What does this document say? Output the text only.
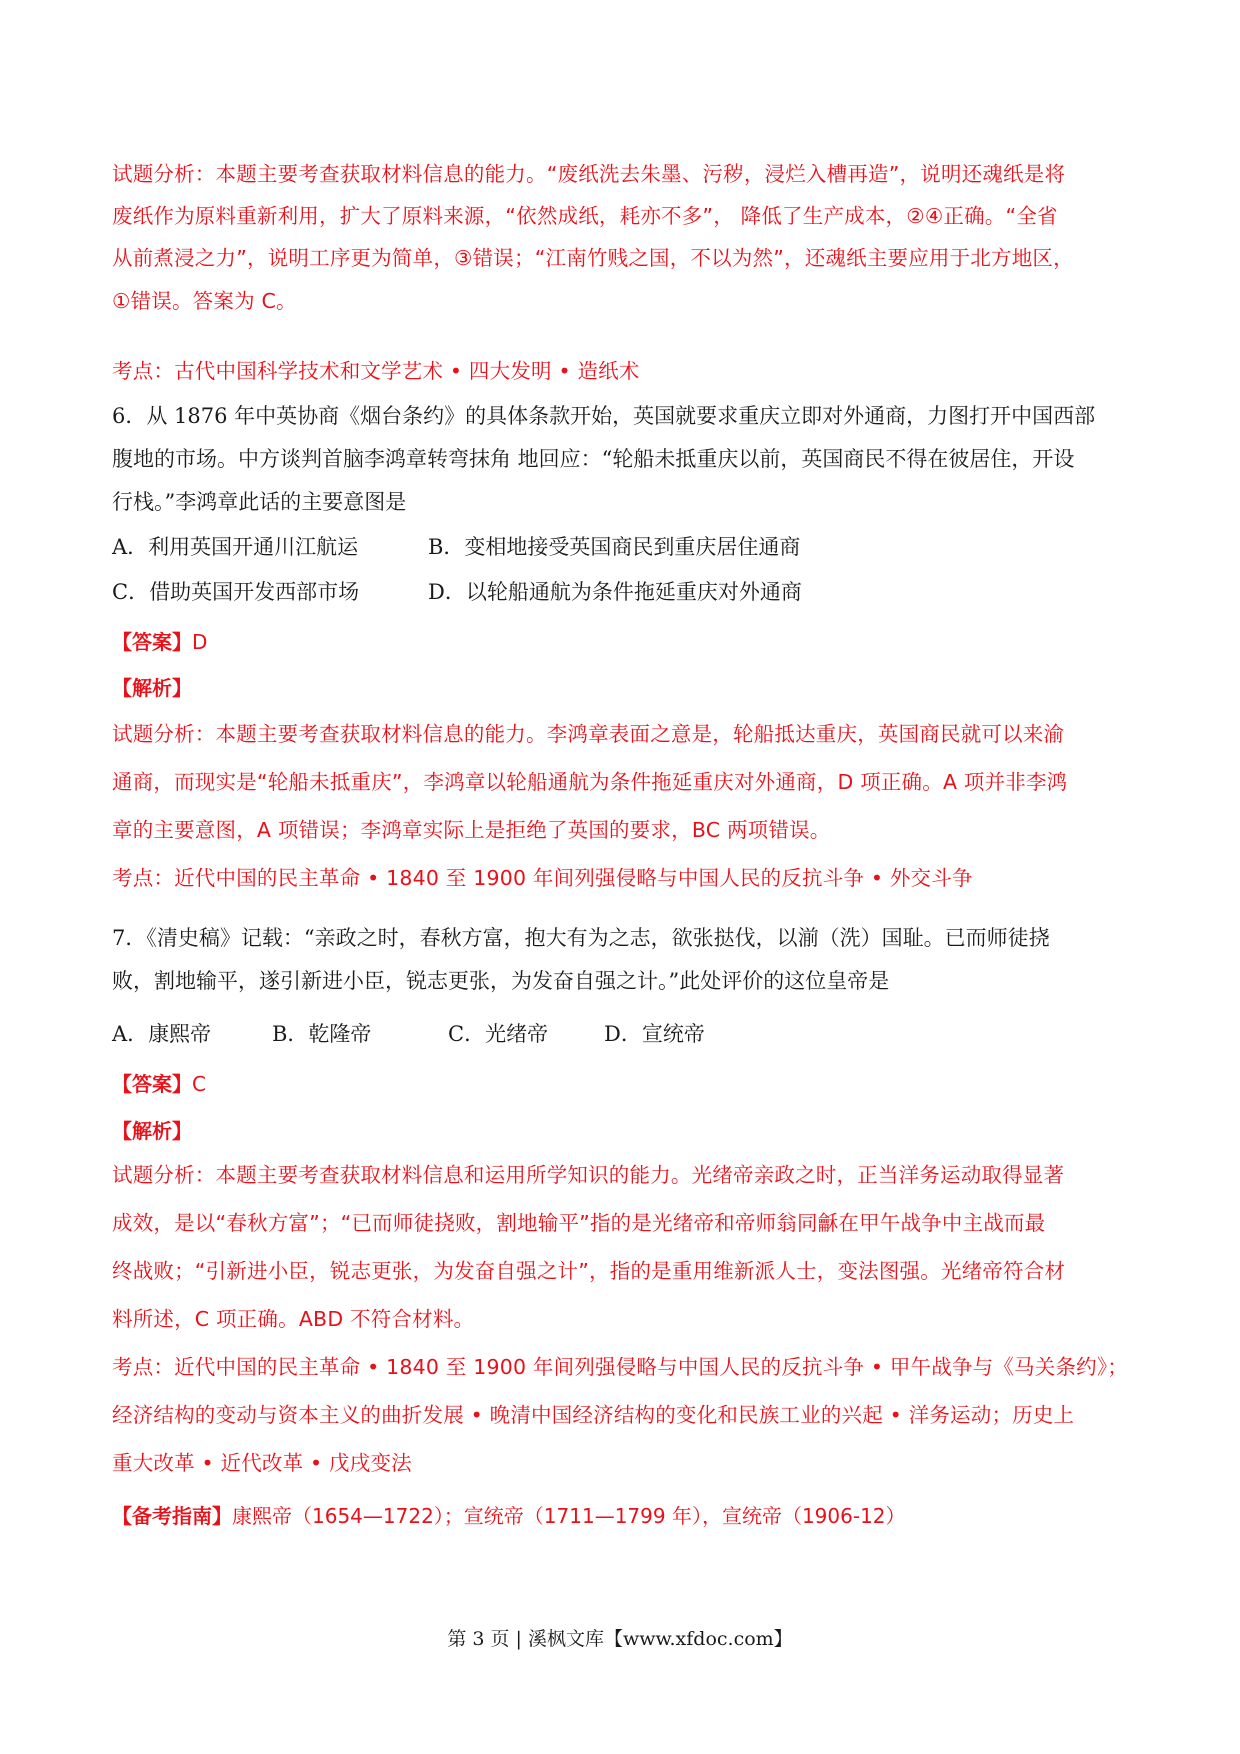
试题分析：本题主要考查获取材料信息的能力。“废纸洗去朱墨、污秽，浸烂入槽再造”，说明还魂纸是将

废纸作为原料重新利用，扩大了原料来源，“依然成纸，耗亦不多”， 降低了生产成本，②④正确。“全省

从前煮浸之力”，说明工序更为简单，③错误；“江南竹贱之国，不以为然”，还魂纸主要应用于北方地区，

①错误。答案为 C。

考点：古代中国科学技术和文学艺术 • 四大发明 • 造纸术

6．从 1876 年中英协商《烟台条约》的具体条款开始，英国就要求重庆立即对外通商，力图打开中国西部

腹地的市场。中方谈判首脑李鸿章转弯抹角 地回应：“轮船未抵重庆以前，英国商民不得在彼居住，开设

行栈。”李鸿章此话的主要意图是

A．利用英国开通川江航运	B．变相地接受英国商民到重庆居住通商
C．借助英国开发西部市场	D．以轮船通航为条件拖延重庆对外通商
【答案】D
【解析】

试题分析：本题主要考查获取材料信息的能力。李鸿章表面之意是，轮船抵达重庆，英国商民就可以来渝

通商，而现实是“轮船未抵重庆”，李鸿章以轮船通航为条件拖延重庆对外通商，D 项正确。A 项并非李鸿

章的主要意图，A 项错误；李鸿章实际上是拒绝了英国的要求，BC 两项错误。

考点：近代中国的民主革命 • 1840 至 1900 年间列强侵略与中国人民的反抗斗争 • 外交斗争

7．《清史稿》记载：“亲政之时，春秋方富，抱大有为之志，欲张挞伐，以湔（洗）国耻。已而师徒挠

败，割地输平，遂引新进小臣，锐志更张，为发奋自强之计。”此处评价的这位皇帝是

A．康熙帝	B．乾隆帝	C．光绪帝	D．宣统帝
【答案】C
【解析】

试题分析：本题主要考查获取材料信息和运用所学知识的能力。光绪帝亲政之时，正当洋务运动取得显著

成效，是以“春秋方富”；“已而师徒挠败，割地输平”指的是光绪帝和帝师翁同龢在甲午战争中主战而最

终战败；“引新进小臣，锐志更张，为发奋自强之计”，指的是重用维新派人士，变法图强。光绪帝符合材

料所述，C 项正确。ABD 不符合材料。

考点：近代中国的民主革命 • 1840 至 1900 年间列强侵略与中国人民的反抗斗争 • 甲午战争与《马关条约》；

经济结构的变动与资本主义的曲折发展 • 晚清中国经济结构的变化和民族工业的兴起 • 洋务运动；历史上

重大改革 • 近代改革 • 戊戌变法

【备考指南】康熙帝（1654—1722）；宣统帝（1711—1799 年），宣统帝（1906-12）
第 3 页 | 溪枫文库【www.xfdoc.com】
